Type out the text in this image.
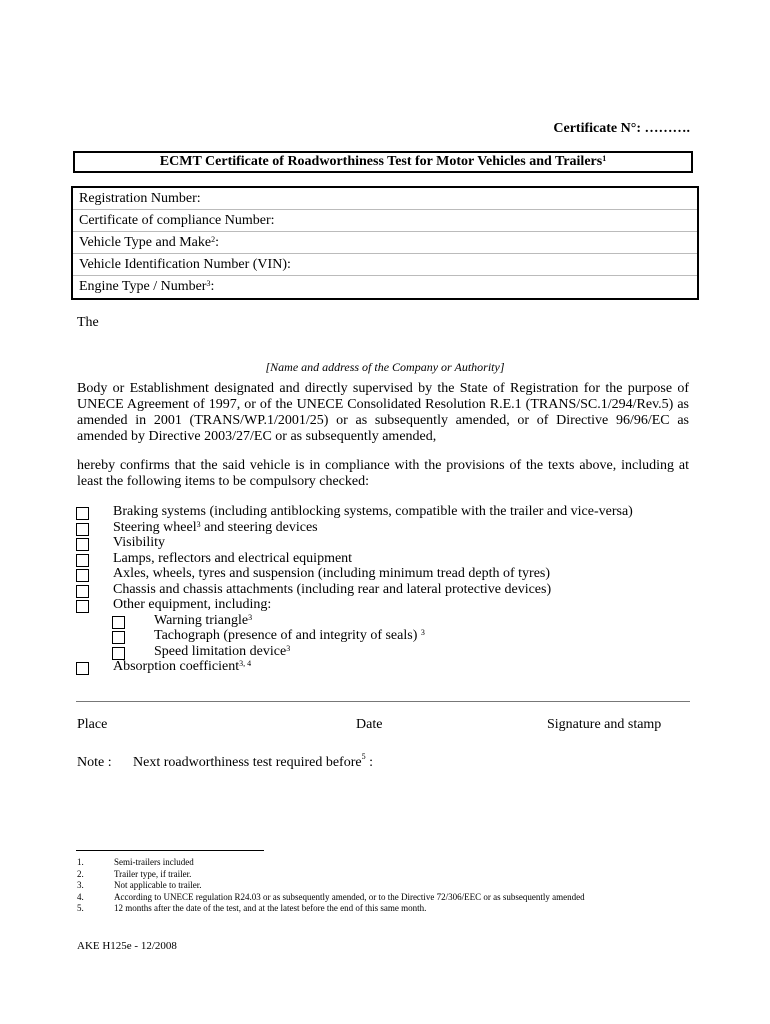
Certificate N°: ……….
ECMT Certificate of Roadworthiness Test for Motor Vehicles and Trailers$^1$
Registration Number:
Certificate of compliance Number:
Vehicle Type and Make$^2$:
Vehicle Identification Number (VIN):
Engine Type / Number$^3$:
The
[Name and address of the Company or Authority]
Body or Establishment designated and directly supervised by the State of Registration for the purpose of UNECE Agreement of 1997, or of the UNECE Consolidated Resolution R.E.1 (TRANS/SC.1/294/Rev.5) as amended in 2001 (TRANS/WP.1/2001/25) or as subsequently amended, or of Directive 96/96/EC as amended by Directive 2003/27/EC or as subsequently amended,
hereby confirms that the said vehicle is in compliance with the provisions of the texts above, including at least the following items to be compulsory checked:
Braking systems (including antiblocking systems, compatible with the trailer and vice-versa)
Steering wheel$^3$ and steering devices
Visibility
Lamps, reflectors and electrical equipment
Axles, wheels, tyres and suspension (including minimum tread depth of tyres)
Chassis and chassis attachments (including rear and lateral protective devices)
Other equipment, including:
Warning triangle$^3$
Tachograph (presence of and integrity of seals) $^3$
Speed limitation device$^3$
Absorption coefficient$^{3, 4}$
Place	Date	Signature and stamp
Note : Next roadworthiness test required before$^5$ :
1.	Semi-trailers included
2.	Trailer type, if trailer.
3.	Not applicable to trailer.
4.	According to UNECE regulation R24.03 or as subsequently amended, or to the Directive 72/306/EEC or as subsequently amended
5.	12 months after the date of the test, and at the latest before the end of this same month.
AKE H125e - 12/2008
